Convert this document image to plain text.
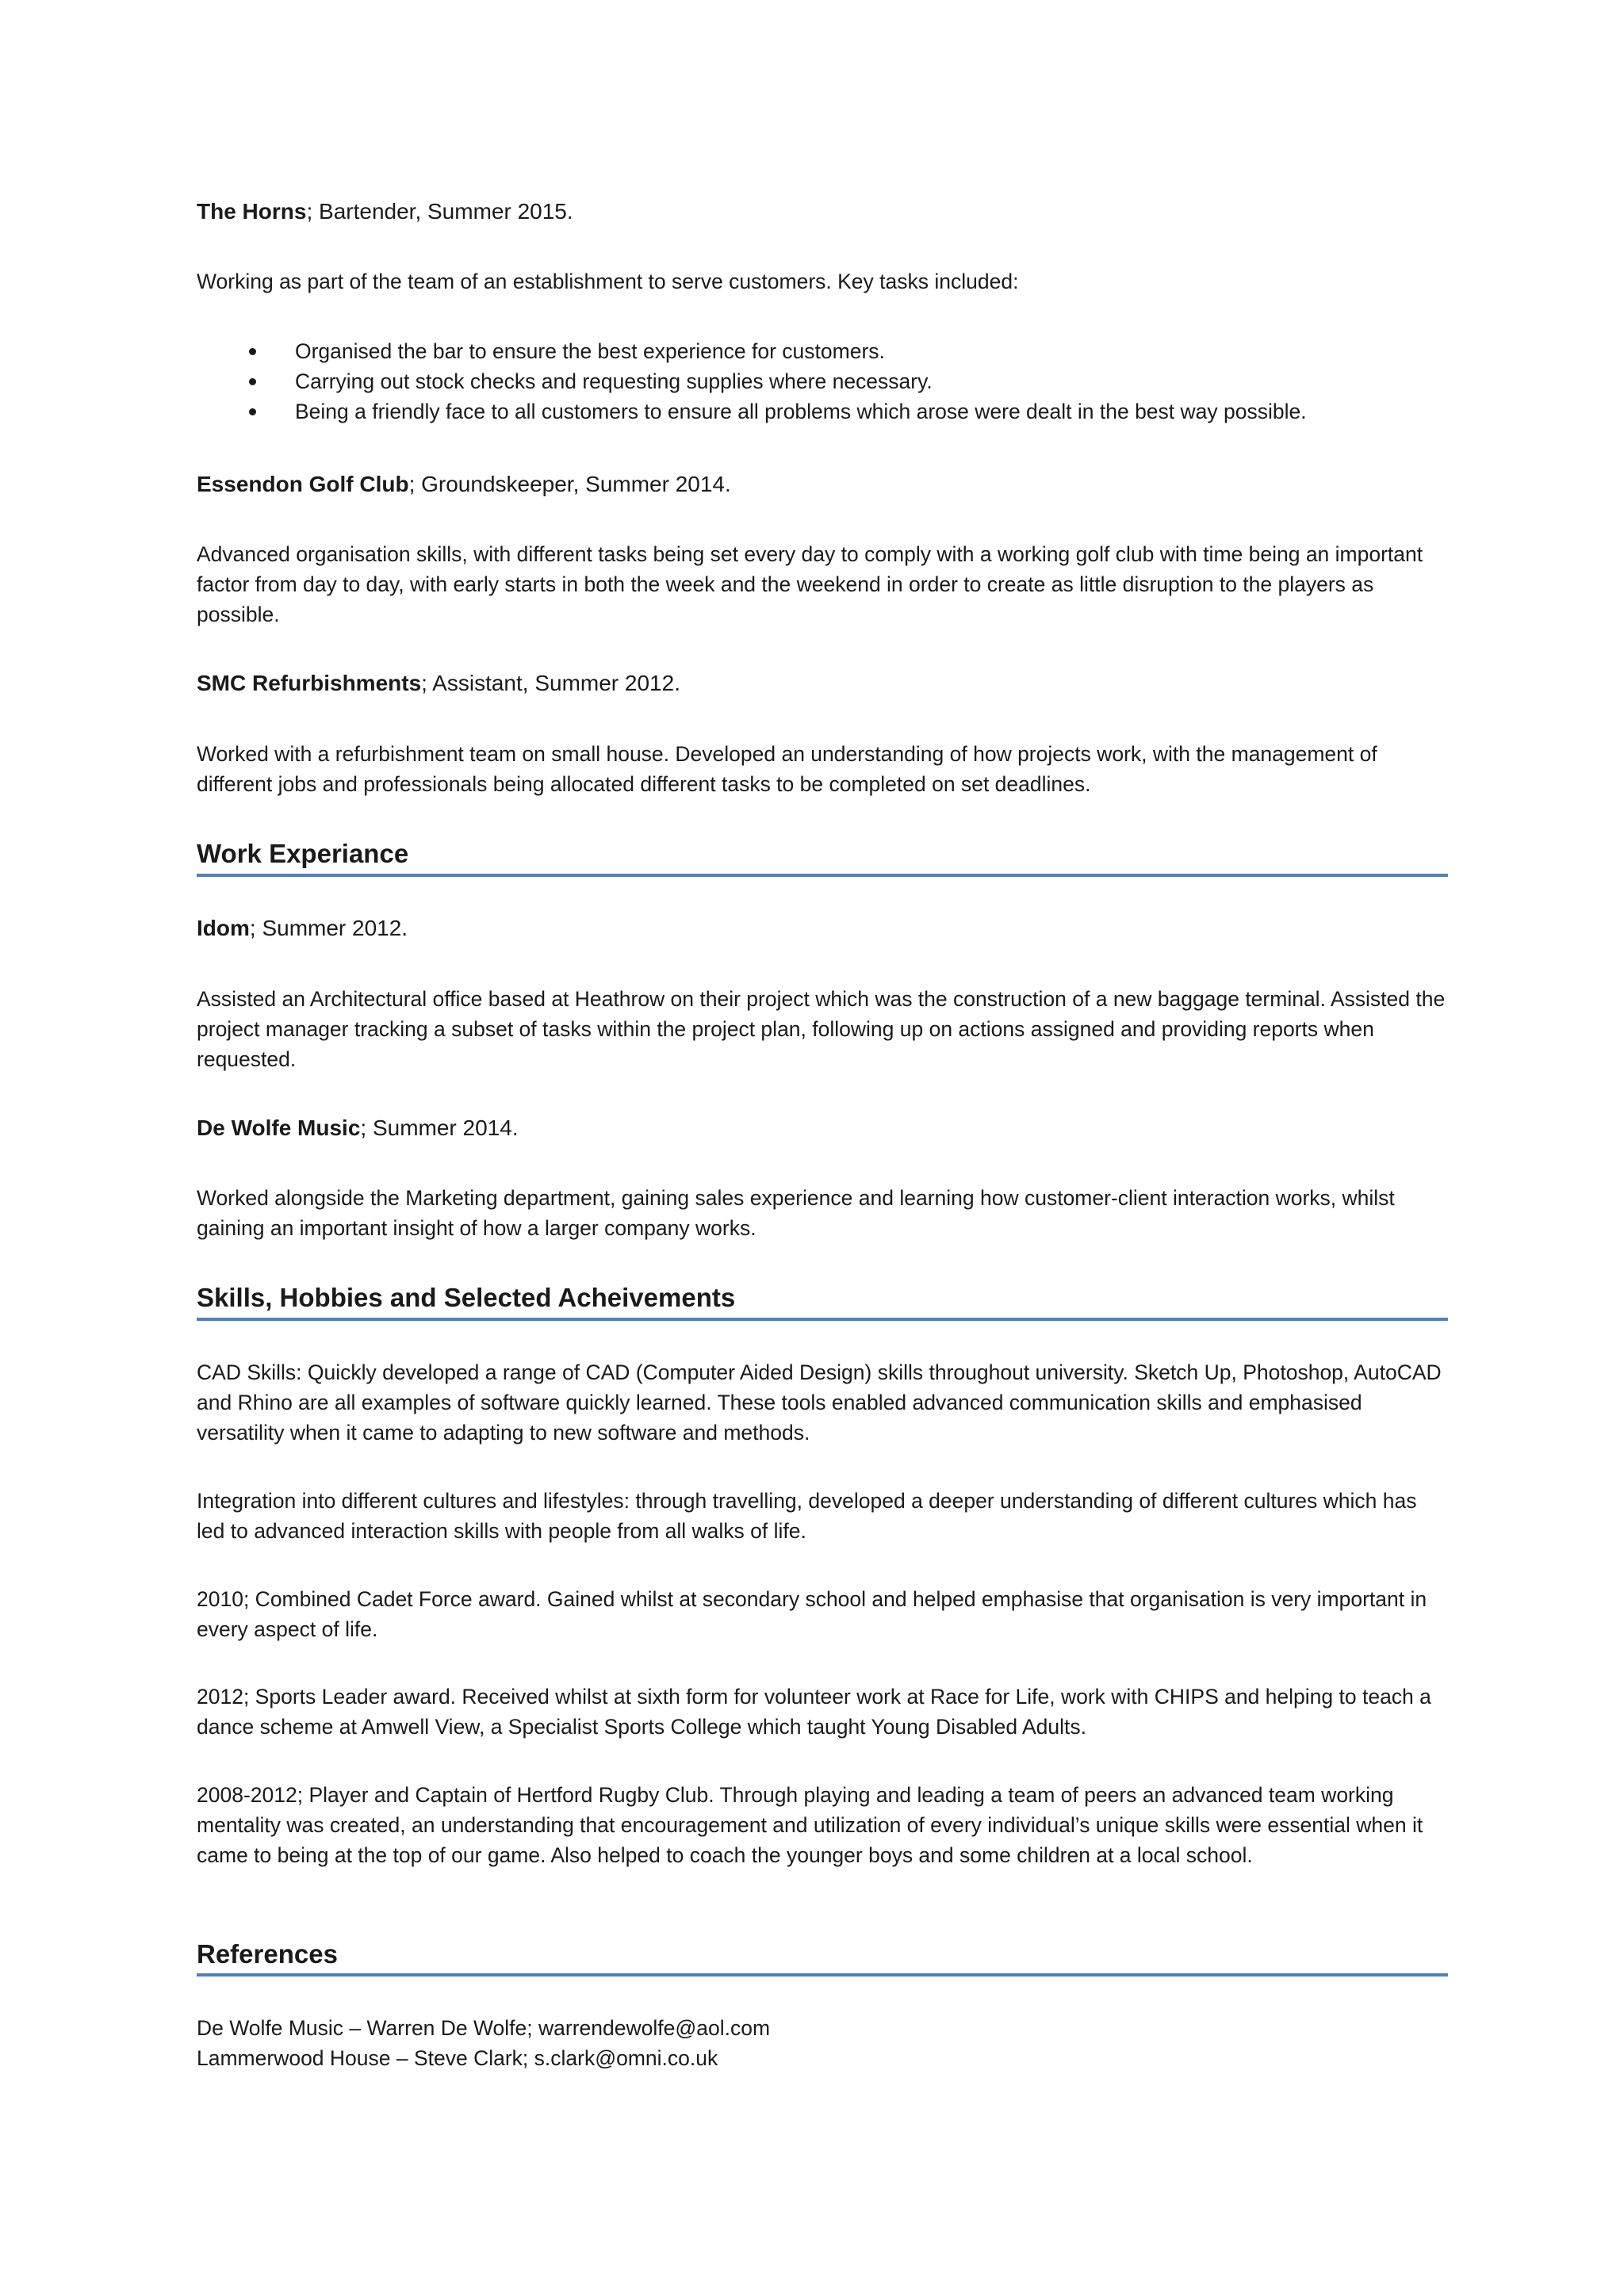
The Horns; Bartender, Summer 2015.

Working as part of the team of an establishment to serve customers. Key tasks included:

Organised the bar to ensure the best experience for customers.
Carrying out stock checks and requesting supplies where necessary.
Being a friendly face to all customers to ensure all problems which arose were dealt in the best way possible.
Essendon Golf Club; Groundskeeper, Summer 2014.

Advanced organisation skills, with different tasks being set every day to comply with a working golf club with time being an important factor from day to day, with early starts in both the week and the weekend in order to create as little disruption to the players as possible.

SMC Refurbishments; Assistant, Summer 2012.

Worked with a refurbishment team on small house. Developed an understanding of how projects work, with the management of different jobs and professionals being allocated different tasks to be completed on set deadlines.

Work Experiance
Idom; Summer 2012.

Assisted an Architectural office based at Heathrow on their project which was the construction of a new baggage terminal. Assisted the project manager tracking a subset of tasks within the project plan, following up on actions assigned and providing reports when requested.

De Wolfe Music; Summer 2014.

Worked alongside the Marketing department, gaining sales experience and learning how customer-client interaction works, whilst gaining an important insight of how a larger company works.

Skills, Hobbies and Selected Acheivements

CAD Skills: Quickly developed a range of CAD (Computer Aided Design) skills throughout university. Sketch Up, Photoshop, AutoCAD and Rhino are all examples of software quickly learned. These tools enabled advanced communication skills and emphasised versatility when it came to adapting to new software and methods.

Integration into different cultures and lifestyles: through travelling, developed a deeper understanding of different cultures which has led to advanced interaction skills with people from all walks of life.

2010; Combined Cadet Force award. Gained whilst at secondary school and helped emphasise that organisation is very important in every aspect of life.

2012; Sports Leader award. Received whilst at sixth form for volunteer work at Race for Life, work with CHIPS and helping to teach a dance scheme at Amwell View, a Specialist Sports College which taught Young Disabled Adults.

2008-2012; Player and Captain of Hertford Rugby Club. Through playing and leading a team of peers an advanced team working mentality was created, an understanding that encouragement and utilization of every individual’s unique skills were essential when it came to being at the top of our game. Also helped to coach the younger boys and some children at a local school.

References
De Wolfe Music – Warren De Wolfe; warrendewolfe@aol.com
Lammerwood House – Steve Clark; s.clark@omni.co.uk
